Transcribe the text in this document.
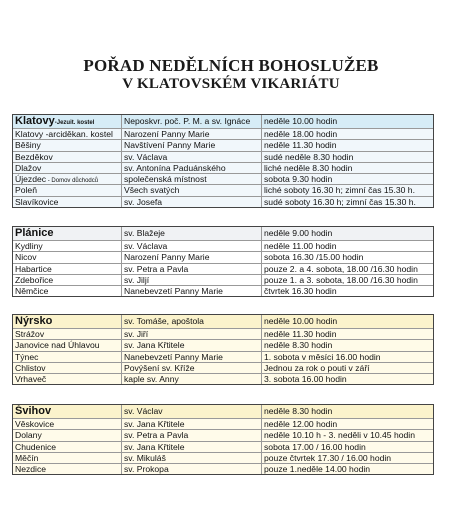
POŘAD NEDĚLNÍCH BOHOSLUŽEB
V KLATOVSKÉM VIKARIÁTU
Klatovy-Jezuit. kostel	Neposkvr. poč. P. M. a sv. Ignáce	neděle 10.00 hodin
Klatovy -arciděkan. kostel	Narození Panny Marie	neděle 18.00 hodin
Běšiny	Navštívení Panny Marie	neděle 11.30 hodin
Bezděkov	sv. Václava	sudé neděle 8.30 hodin
Dlažov	sv. Antonína Paduánského	liché neděle 8.30 hodin
Újezdec - Domov důchodců	společenská místnost	sobota 9.30 hodin
Poleň	Všech svatých	liché soboty 16.30 h; zimní čas 15.30 h.
Slavíkovice	sv. Josefa	sudé soboty 16.30 h; zimní čas 15.30 h.
Plánice	sv. Blažeje	neděle 9.00 hodin
Kydliny	sv. Václava	neděle 11.00 hodin
Nicov	Narození Panny Marie	sobota 16.30 /15.00 hodin
Habartice	sv. Petra a Pavla	pouze 2. a 4. sobota, 18.00 /16.30 hodin
Zdebořice	sv. Jiljí	pouze 1. a 3. sobota, 18.00 /16.30 hodin
Němčice	Nanebevzetí Panny Marie	čtvrtek 16.30 hodin
Nýrsko	sv. Tomáše, apoštola	neděle 10.00 hodin
Strážov	sv. Jiří	neděle 11.30 hodin
Janovice nad Úhlavou	sv. Jana Křtitele	neděle 8.30 hodin
Týnec	Nanebevzetí Panny Marie	1. sobota v měsíci 16.00 hodin
Chlistov	Povýšení sv. Kříže	Jednou za rok o pouti v září
Vrhaveč	kaple sv. Anny	3. sobota 16.00 hodin
Švihov	sv. Václav	neděle 8.30 hodin
Věskovice	sv. Jana Křtitele	neděle 12.00 hodin
Dolany	sv. Petra a Pavla	neděle 10.10 h - 3. neděli v 10.45 hodin
Chudenice	sv. Jana Křtitele	sobota 17.00 / 16.00 hodin
Měčín	sv. Mikuláš	pouze čtvrtek 17.30 / 16.00 hodin
Nezdice	sv. Prokopa	pouze 1.neděle 14.00 hodin
